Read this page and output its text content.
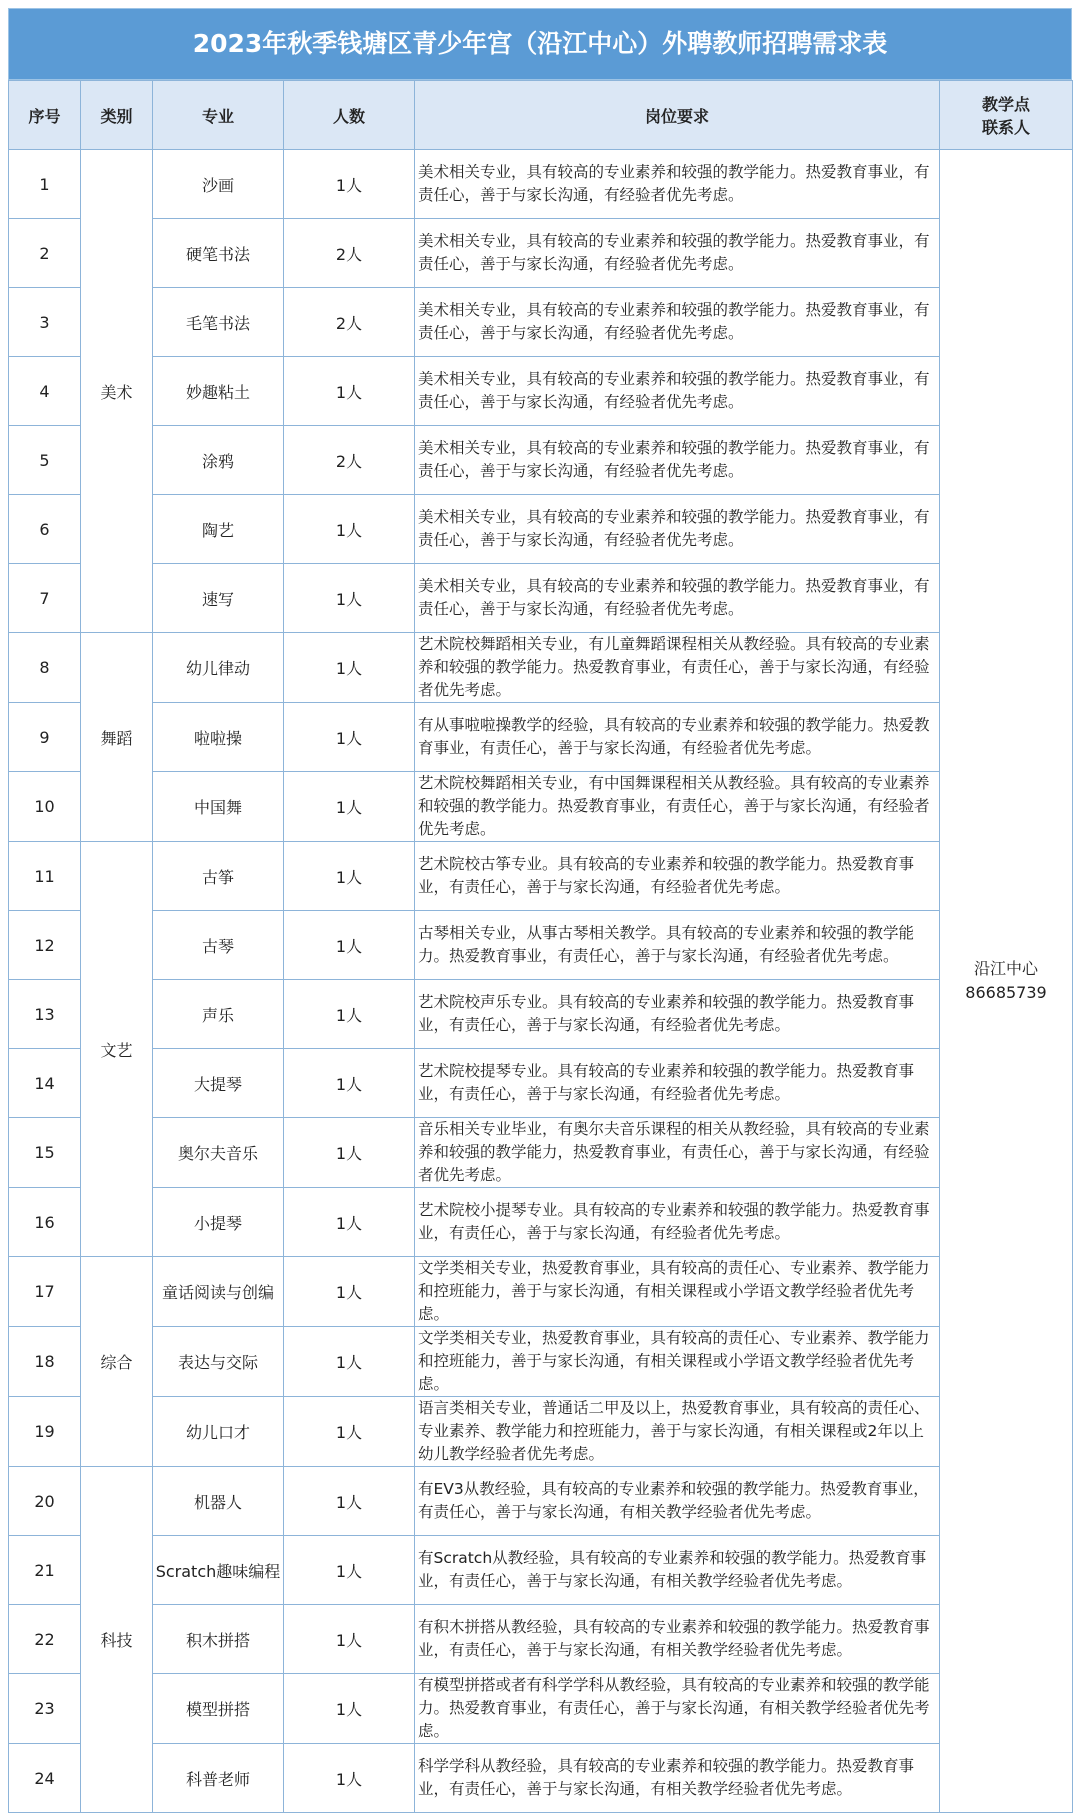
2023年秋季钱塘区青少年宫（沿江中心）外聘教师招聘需求表
序号	类别	专业	人数	岗位要求	教学点
联系人

1	美术	沙画	1人	美术相关专业，具有较高的专业素养和较强的教学能力。热爱教育事业，有责任心，善于与家长沟通，有经验者优先考虑。	沿江中心
86685739

2		硬笔书法	2人	美术相关专业，具有较高的专业素养和较强的教学能力。热爱教育事业，有责任心，善于与家长沟通，有经验者优先考虑。	
3		毛笔书法	2人	美术相关专业，具有较高的专业素养和较强的教学能力。热爱教育事业，有责任心，善于与家长沟通，有经验者优先考虑。	
4		妙趣粘土	1人	美术相关专业，具有较高的专业素养和较强的教学能力。热爱教育事业，有责任心，善于与家长沟通，有经验者优先考虑。	
5		涂鸦	2人	美术相关专业，具有较高的专业素养和较强的教学能力。热爱教育事业，有责任心，善于与家长沟通，有经验者优先考虑。	
6		陶艺	1人	美术相关专业，具有较高的专业素养和较强的教学能力。热爱教育事业，有责任心，善于与家长沟通，有经验者优先考虑。	
7		速写	1人	美术相关专业，具有较高的专业素养和较强的教学能力。热爱教育事业，有责任心，善于与家长沟通，有经验者优先考虑。	
8	舞蹈	幼儿律动	1人	艺术院校舞蹈相关专业，有儿童舞蹈课程相关从教经验。具有较高的专业素养和较强的教学能力。热爱教育事业，有责任心，善于与家长沟通，有经验者优先考虑。	
9		啦啦操	1人	有从事啦啦操教学的经验，具有较高的专业素养和较强的教学能力。热爱教育事业，有责任心，善于与家长沟通，有经验者优先考虑。	
10		中国舞	1人	艺术院校舞蹈相关专业，有中国舞课程相关从教经验。具有较高的专业素养和较强的教学能力。热爱教育事业，有责任心，善于与家长沟通，有经验者优先考虑。	
11	文艺	古筝	1人	艺术院校古筝专业。具有较高的专业素养和较强的教学能力。热爱教育事业，有责任心，善于与家长沟通，有经验者优先考虑。	
12		古琴	1人	古琴相关专业，从事古琴相关教学。具有较高的专业素养和较强的教学能力。热爱教育事业，有责任心，善于与家长沟通，有经验者优先考虑。	
13		声乐	1人	艺术院校声乐专业。具有较高的专业素养和较强的教学能力。热爱教育事业，有责任心，善于与家长沟通，有经验者优先考虑。	
14		大提琴	1人	艺术院校提琴专业。具有较高的专业素养和较强的教学能力。热爱教育事业，有责任心，善于与家长沟通，有经验者优先考虑。	
15		奥尔夫音乐	1人	音乐相关专业毕业，有奥尔夫音乐课程的相关从教经验，具有较高的专业素养和较强的教学能力，热爱教育事业，有责任心，善于与家长沟通，有经验者优先考虑。	
16		小提琴	1人	艺术院校小提琴专业。具有较高的专业素养和较强的教学能力。热爱教育事业，有责任心，善于与家长沟通，有经验者优先考虑。	
17	综合	童话阅读与创编	1人	文学类相关专业，热爱教育事业，具有较高的责任心、专业素养、教学能力和控班能力，善于与家长沟通，有相关课程或小学语文教学经验者优先考虑。	
18		表达与交际	1人	文学类相关专业，热爱教育事业，具有较高的责任心、专业素养、教学能力和控班能力，善于与家长沟通，有相关课程或小学语文教学经验者优先考虑。	
19		幼儿口才	1人	语言类相关专业，普通话二甲及以上，热爱教育事业，具有较高的责任心、专业素养、教学能力和控班能力，善于与家长沟通，有相关课程或2年以上幼儿教学经验者优先考虑。	
20	科技	机器人	1人	有EV3从教经验，具有较高的专业素养和较强的教学能力。热爱教育事业，有责任心，善于与家长沟通，有相关教学经验者优先考虑。	
21		Scratch趣味编程	1人	有Scratch从教经验，具有较高的专业素养和较强的教学能力。热爱教育事业，有责任心，善于与家长沟通，有相关教学经验者优先考虑。	
22		积木拼搭	1人	有积木拼搭从教经验，具有较高的专业素养和较强的教学能力。热爱教育事业，有责任心，善于与家长沟通，有相关教学经验者优先考虑。	
23		模型拼搭	1人	有模型拼搭或者有科学学科从教经验，具有较高的专业素养和较强的教学能力。热爱教育事业，有责任心，善于与家长沟通，有相关教学经验者优先考虑。	
24		科普老师	1人	科学学科从教经验，具有较高的专业素养和较强的教学能力。热爱教育事业，有责任心，善于与家长沟通，有相关教学经验者优先考虑。	
